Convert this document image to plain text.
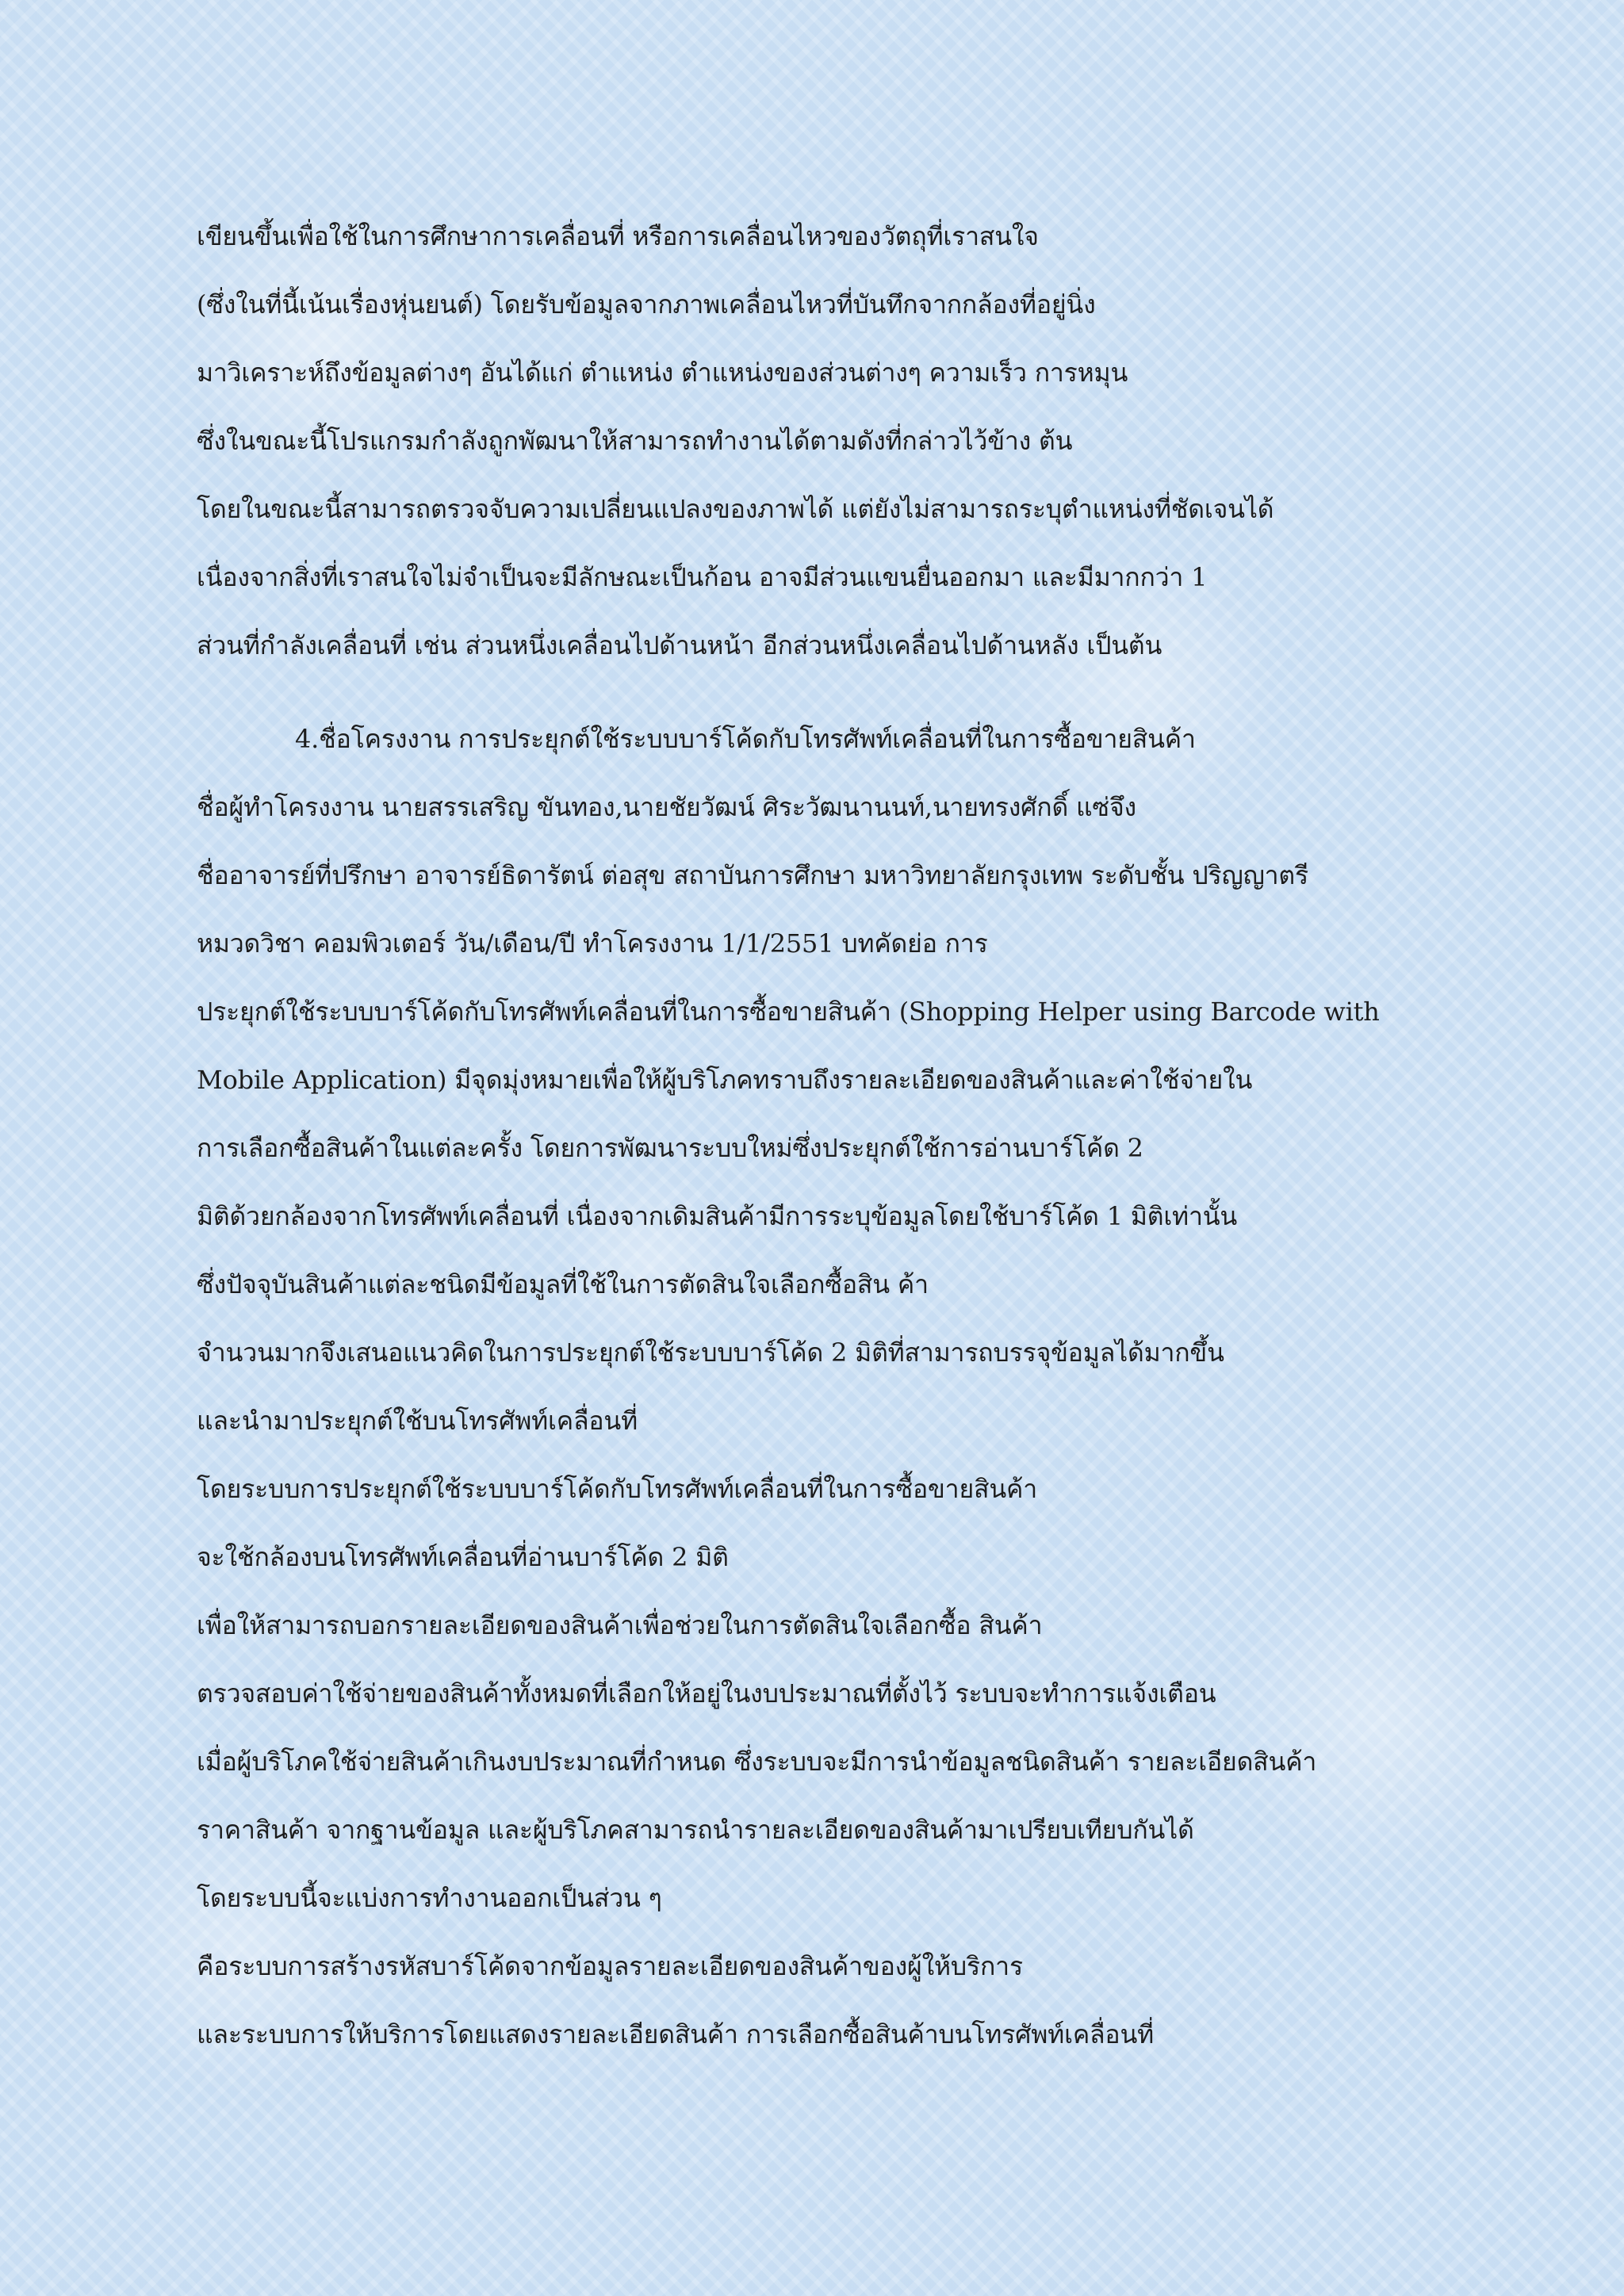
เขียนขึ้นเพื่อใช้ในการศึกษาการเคลื่อนที่ หรือการเคลื่อนไหวของวัตถุที่เราสนใจ
(ซึ่งในที่นี้เน้นเรื่องหุ่นยนต์) โดยรับข้อมูลจากภาพเคลื่อนไหวที่บันทึกจากกล้องที่อยู่นิ่ง
มาวิเคราะห์ถึงข้อมูลต่างๆ อันได้แก่ ตำแหน่ง ตำแหน่งของส่วนต่างๆ ความเร็ว การหมุน
ซึ่งในขณะนี้โปรแกรมกำลังถูกพัฒนาให้สามารถทำงานได้ตามดังที่กล่าวไว้ข้าง ต้น
โดยในขณะนี้สามารถตรวจจับความเปลี่ยนแปลงของภาพได้ แต่ยังไม่สามารถระบุตำแหน่งที่ชัดเจนได้
เนื่องจากสิ่งที่เราสนใจไม่จำเป็นจะมีลักษณะเป็นก้อน อาจมีส่วนแขนยื่นออกมา และมีมากกว่า 1
ส่วนที่กำลังเคลื่อนที่ เช่น ส่วนหนึ่งเคลื่อนไปด้านหน้า อีกส่วนหนึ่งเคลื่อนไปด้านหลัง เป็นต้น
4.ชื่อโครงงาน การประยุกต์ใช้ระบบบาร์โค้ดกับโทรศัพท์เคลื่อนที่ในการซื้อขายสินค้า
ชื่อผู้ทำโครงงาน นายสรรเสริญ ขันทอง,นายชัยวัฒน์ ศิระวัฒนานนท์,นายทรงศักดิ์ แซ่จึง
ชื่ออาจารย์ที่ปรึกษา อาจารย์ธิดารัตน์ ต่อสุข สถาบันการศึกษา มหาวิทยาลัยกรุงเทพ ระดับชั้น ปริญญาตรี
หมวดวิชา คอมพิวเตอร์ วัน/เดือน/ปี ทำโครงงาน 1/1/2551 บทคัดย่อ การ
ประยุกต์ใช้ระบบบาร์โค้ดกับโทรศัพท์เคลื่อนที่ในการซื้อขายสินค้า (Shopping Helper using Barcode with
Mobile Application) มีจุดมุ่งหมายเพื่อให้ผู้บริโภคทราบถึงรายละเอียดของสินค้าและค่าใช้จ่ายใน
การเลือกซื้อสินค้าในแต่ละครั้ง โดยการพัฒนาระบบใหม่ซึ่งประยุกต์ใช้การอ่านบาร์โค้ด 2
มิติด้วยกล้องจากโทรศัพท์เคลื่อนที่ เนื่องจากเดิมสินค้ามีการระบุข้อมูลโดยใช้บาร์โค้ด 1 มิติเท่านั้น
ซึ่งปัจจุบันสินค้าแต่ละชนิดมีข้อมูลที่ใช้ในการตัดสินใจเลือกซื้อสิน ค้า
จำนวนมากจึงเสนอแนวคิดในการประยุกต์ใช้ระบบบาร์โค้ด 2 มิติที่สามารถบรรจุข้อมูลได้มากขึ้น
และนำมาประยุกต์ใช้บนโทรศัพท์เคลื่อนที่
โดยระบบการประยุกต์ใช้ระบบบาร์โค้ดกับโทรศัพท์เคลื่อนที่ในการซื้อขายสินค้า
จะใช้กล้องบนโทรศัพท์เคลื่อนที่อ่านบาร์โค้ด 2 มิติ
เพื่อให้สามารถบอกรายละเอียดของสินค้าเพื่อช่วยในการตัดสินใจเลือกซื้อ สินค้า
ตรวจสอบค่าใช้จ่ายของสินค้าทั้งหมดที่เลือกให้อยู่ในงบประมาณที่ตั้งไว้ ระบบจะทำการแจ้งเตือน
เมื่อผู้บริโภคใช้จ่ายสินค้าเกินงบประมาณที่กำหนด ซึ่งระบบจะมีการนำข้อมูลชนิดสินค้า รายละเอียดสินค้า
ราคาสินค้า จากฐานข้อมูล และผู้บริโภคสามารถนำรายละเอียดของสินค้ามาเปรียบเทียบกันได้
โดยระบบนี้จะแบ่งการทำงานออกเป็นส่วน ๆ
คือระบบการสร้างรหัสบาร์โค้ดจากข้อมูลรายละเอียดของสินค้าของผู้ให้บริการ
และระบบการให้บริการโดยแสดงรายละเอียดสินค้า การเลือกซื้อสินค้าบนโทรศัพท์เคลื่อนที่
